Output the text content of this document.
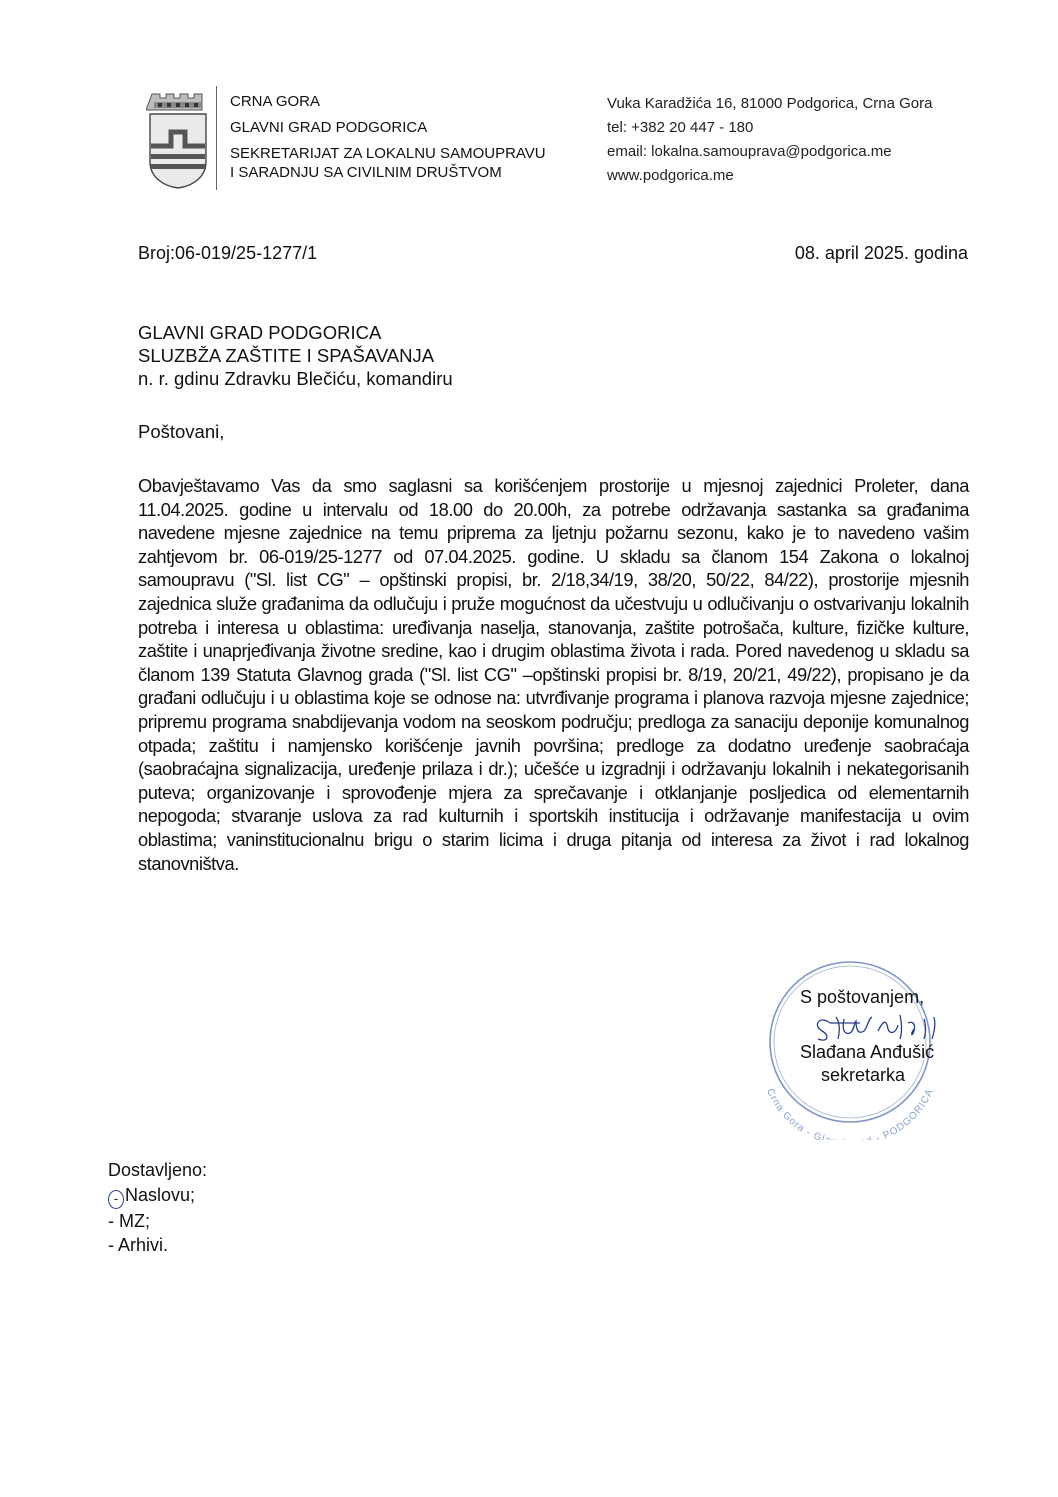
CRNA GORA
GLAVNI GRAD PODGORICA
SEKRETARIJAT ZA LOKALNU SAMOUPRAVU
I SARADNJU SA CIVILNIM DRUŠTVOM
Vuka Karadžića 16, 81000 Podgorica, Crna Gora
tel: +382 20 447 - 180
email: lokalna.samouprava@podgorica.me
www.podgorica.me
Broj:06-019/25-1277/1	08. april 2025. godina
GLAVNI GRAD PODGORICA
SLUZBŽA ZAŠTITE I SPAŠAVANJA
n. r. gdinu Zdravku Blečiću, komandiru
Poštovani,
Obavještavamo Vas da smo saglasni sa korišćenjem prostorije u mjesnoj zajednici Proleter, dana 11.04.2025. godine u intervalu od 18.00 do 20.00h, za potrebe održavanja sastanka sa građanima navedene mjesne zajednice na temu priprema za ljetnju požarnu sezonu, kako je to navedeno vašim zahtjevom br. 06-019/25-1277 od 07.04.2025. godine. U skladu sa članom 154 Zakona o lokalnoj samoupravu ("Sl. list CG" – opštinski propisi, br. 2/18,34/19, 38/20, 50/22, 84/22), prostorije mjesnih zajednica služe građanima da odlučuju i pruže mogućnost da učestvuju u odlučivanju o ostvarivanju lokalnih potreba i interesa u oblastima: uređivanja naselja, stanovanja, zaštite potrošača, kulture, fizičke kulture, zaštite i unaprjeđivanja životne sredine, kao i drugim oblastima života i rada. Pored navedenog u skladu sa članom 139 Statuta Glavnog grada ("Sl. list CG" –opštinski propisi br. 8/19, 20/21, 49/22), propisano je da građani odlučuju i u oblastima koje se odnose na: utvrđivanje programa i planova razvoja mjesne zajednice; pripremu programa snabdijevanja vodom na seoskom području; predloga za sanaciju deponije komunalnog otpada; zaštitu i namjensko korišćenje javnih površina; predloge za dodatno uređenje saobraćaja (saobraćajna signalizacija, uređenje prilaza i dr.); učešće u izgradnji i održavanju lokalnih i nekategorisanih puteva; organizovanje i sprovođenje mjera za sprečavanje i otklanjanje posljedica od elementarnih nepogoda; stvaranje uslova za rad kulturnih i sportskih institucija i održavanje manifestacija u ovim oblastima; vaninstitucionalnu brigu o starim licima i druga pitanja od interesa za život i rad lokalnog stanovništva.
Crna Gora - Gl - PODGORICA
S poštovanjem,
Slađana Anđušić
sekretarka
Dostavljeno:
- Naslovu;
- MZ;
- Arhivi.
